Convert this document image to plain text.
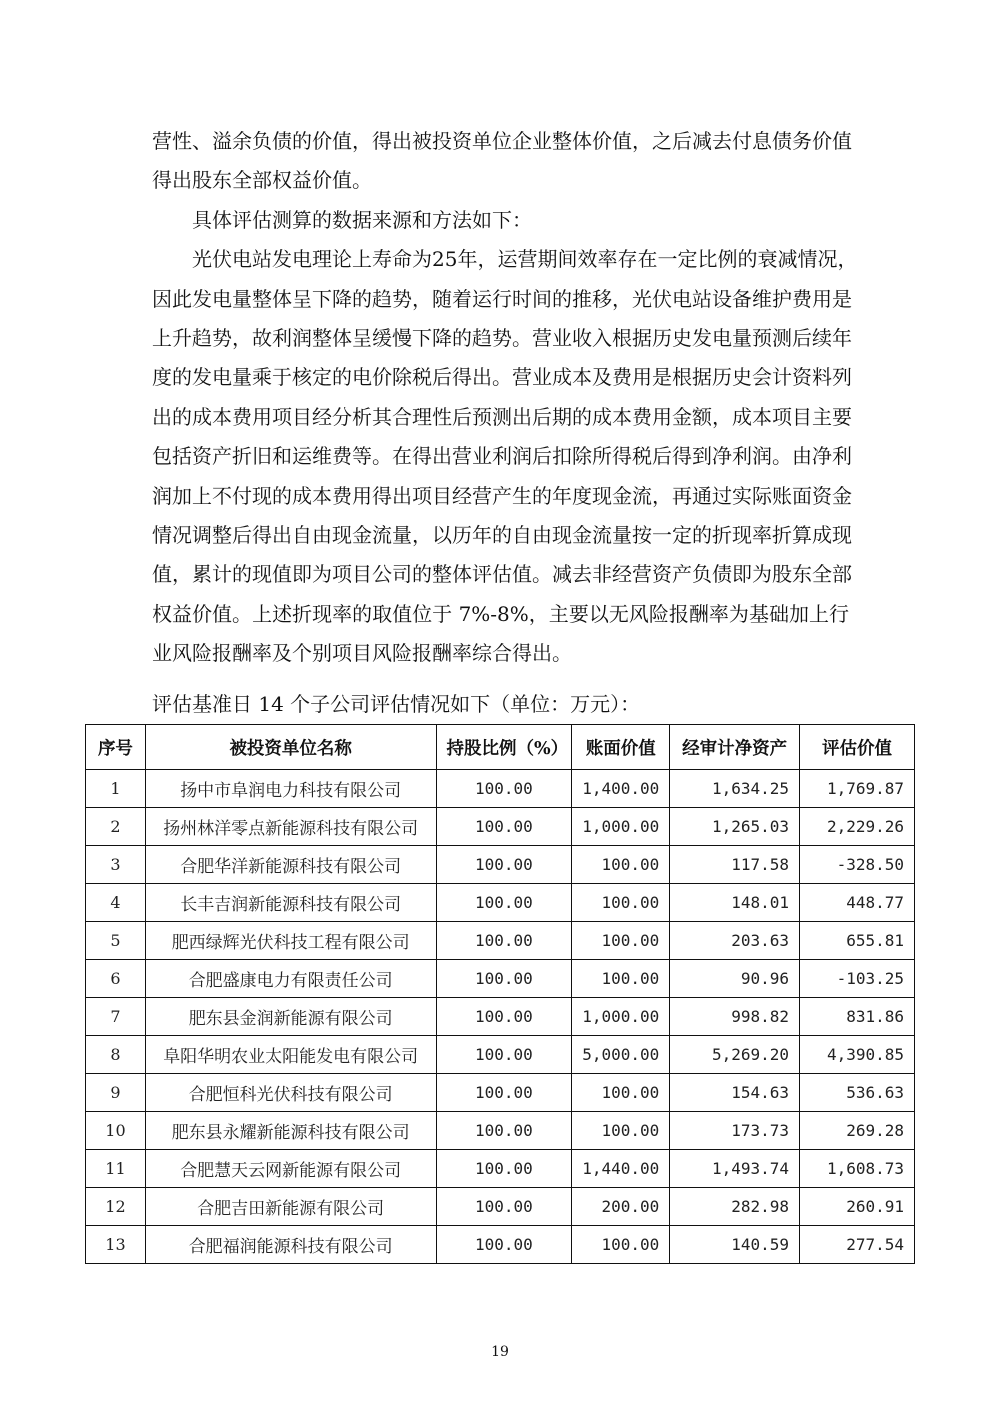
营性、溢余负债的价值，得出被投资单位企业整体价值，之后减去付息债务价值
得出股东全部权益价值。
具体评估测算的数据来源和方法如下：
光伏电站发电理论上寿命为25年，运营期间效率存在一定比例的衰减情况，
因此发电量整体呈下降的趋势，随着运行时间的推移，光伏电站设备维护费用是
上升趋势，故利润整体呈缓慢下降的趋势。营业收入根据历史发电量预测后续年
度的发电量乘于核定的电价除税后得出。营业成本及费用是根据历史会计资料列
出的成本费用项目经分析其合理性后预测出后期的成本费用金额，成本项目主要
包括资产折旧和运维费等。在得出营业利润后扣除所得税后得到净利润。由净利
润加上不付现的成本费用得出项目经营产生的年度现金流，再通过实际账面资金
情况调整后得出自由现金流量，以历年的自由现金流量按一定的折现率折算成现
值，累计的现值即为项目公司的整体评估值。减去非经营资产负债即为股东全部
权益价值。上述折现率的取值位于 7%-8%，主要以无风险报酬率为基础加上行
业风险报酬率及个别项目风险报酬率综合得出。
评估基准日 14 个子公司评估情况如下（单位：万元）：
序号	被投资单位名称	持股比例（%）	账面价值	经审计净资产	评估价值
1	扬中市阜润电力科技有限公司	100.00	1,400.00	1,634.25	1,769.87
2	扬州林洋零点新能源科技有限公司	100.00	1,000.00	1,265.03	2,229.26
3	合肥华洋新能源科技有限公司	100.00	100.00	117.58	-328.50
4	长丰吉润新能源科技有限公司	100.00	100.00	148.01	448.77
5	肥西绿辉光伏科技工程有限公司	100.00	100.00	203.63	655.81
6	合肥盛康电力有限责任公司	100.00	100.00	90.96	-103.25
7	肥东县金润新能源有限公司	100.00	1,000.00	998.82	831.86
8	阜阳华明农业太阳能发电有限公司	100.00	5,000.00	5,269.20	4,390.85
9	合肥恒科光伏科技有限公司	100.00	100.00	154.63	536.63
10	肥东县永耀新能源科技有限公司	100.00	100.00	173.73	269.28
11	合肥慧天云网新能源有限公司	100.00	1,440.00	1,493.74	1,608.73
12	合肥吉田新能源有限公司	100.00	200.00	282.98	260.91
13	合肥福润能源科技有限公司	100.00	100.00	140.59	277.54
19
